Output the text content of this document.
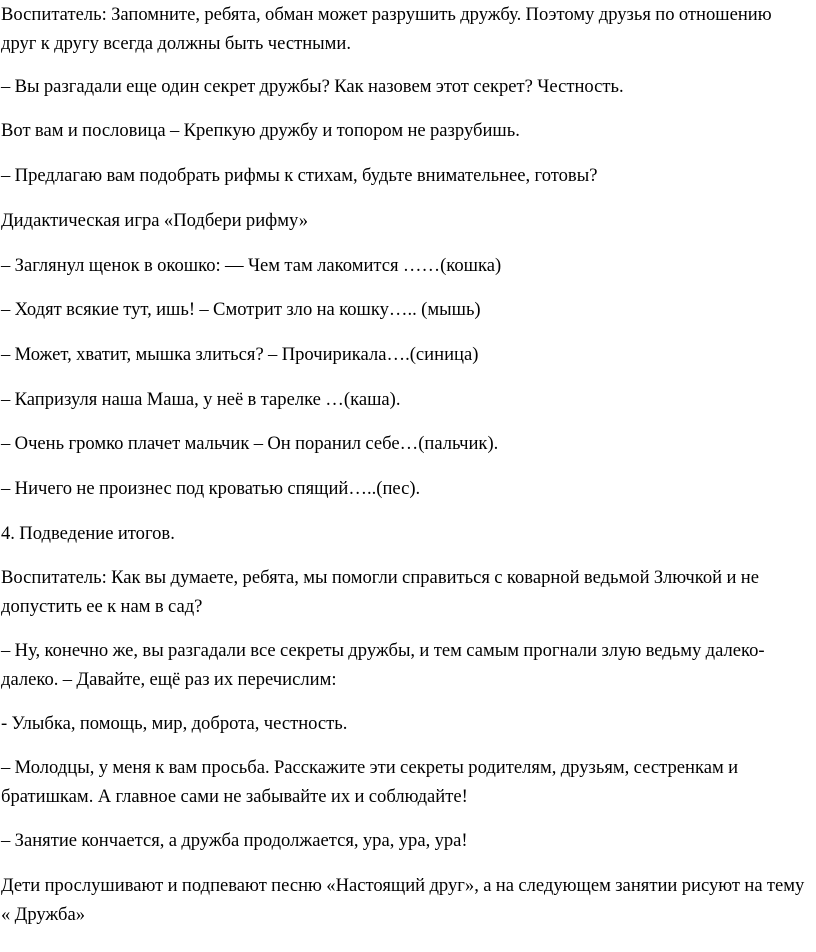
Воспитатель: Запомните, ребята, обман может разрушить дружбу. Поэтому друзья по отношению друг к другу всегда должны быть честными.

– Вы разгадали еще один секрет дружбы? Как назовем этот секрет? Честность.

Вот вам и пословица – Крепкую дружбу и топором не разрубишь.

– Предлагаю вам подобрать рифмы к стихам, будьте внимательнее, готовы?

Дидактическая игра «Подбери рифму»

– Заглянул щенок в окошко: — Чем там лакомится ……(кошка)

– Ходят всякие тут, ишь! – Смотрит зло на кошку….. (мышь)

– Может, хватит, мышка злиться? – Прочирикала….(синица)

– Капризуля наша Маша, у неё в тарелке …(каша).

– Очень громко плачет мальчик – Он поранил себе…(пальчик).

– Ничего не произнес под кроватью спящий…..(пес).

4. Подведение итогов.

Воспитатель: Как вы думаете, ребята, мы помогли справиться с коварной ведьмой Злючкой и не допустить ее к нам в сад?

– Ну, конечно же, вы разгадали все секреты дружбы, и тем самым прогнали злую ведьму далеко-далеко. – Давайте, ещё раз их перечислим:

- Улыбка, помощь, мир, доброта, честность.

– Молодцы, у меня к вам просьба. Расскажите эти секреты родителям, друзьям, сестренкам и братишкам. А главное сами не забывайте их и соблюдайте!

– Занятие кончается, а дружба продолжается, ура, ура, ура!

Дети прослушивают и подпевают песню «Настоящий друг», а на следующем занятии рисуют на тему « Дружба»
